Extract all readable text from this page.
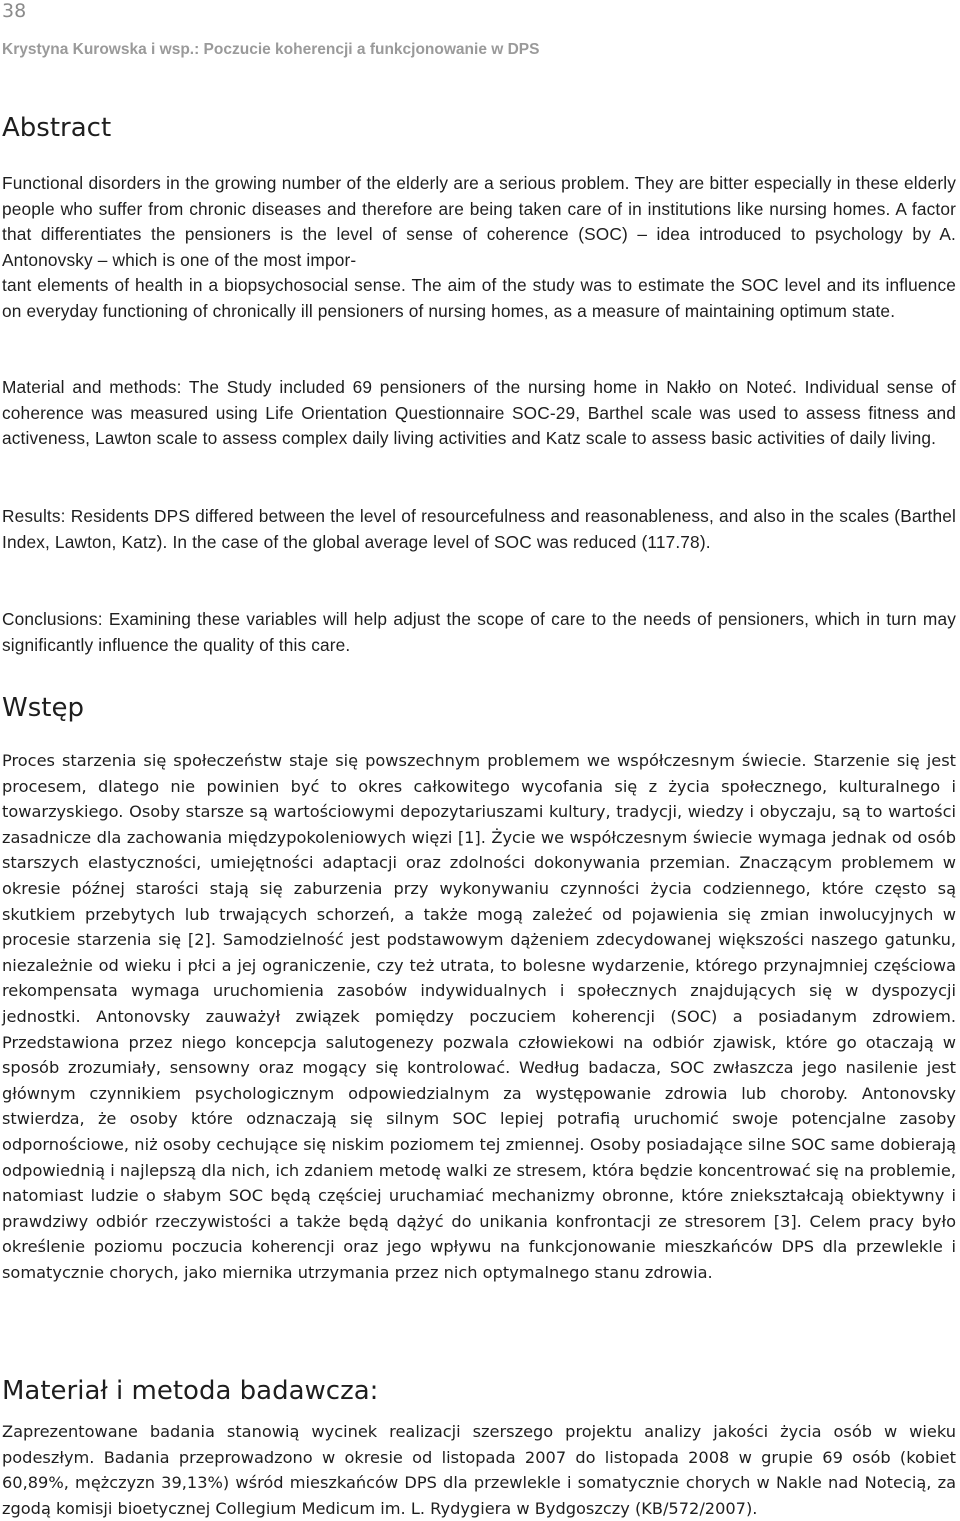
38
Krystyna Kurowska i wsp.: Poczucie koherencji a funkcjonowanie w DPS
Abstract

Functional disorders in the growing number of the elderly are a serious problem. They are bitter especially in these elderly people who suffer from chronic diseases and therefore are being taken care of in institutions like nursing homes. A factor that differentiates the pensioners is the level of sense of coherence (SOC) – idea introduced to psychology by A. Antonovsky – which is one of the most impor-

tant elements of health in a biopsychosocial sense. The aim of the study was to estimate the SOC level and its influence on everyday functioning of chronically ill pensioners of nursing homes, as a measure of maintaining optimum state.

Material and methods: The Study included 69 pensioners of the nursing home in Nakło on Noteć. Individual sense of coherence was measured using Life Orientation Questionnaire SOC-29, Barthel scale was used to assess fitness and activeness, Lawton scale to assess complex daily living activities and Katz scale to assess basic activities of daily living.

Results: Residents DPS differed between the level of resourcefulness and reasonableness, and also in the scales (Barthel Index, Lawton, Katz). In the case of the global average level of SOC was reduced (117.78).

Conclusions: Examining these variables will help adjust the scope of care to the needs of pensioners, which in turn may significantly influence the quality of this care.

Wstęp

Proces starzenia się społeczeństw staje się powszechnym problemem we współczesnym świecie. Starzenie się jest procesem, dlatego nie powinien być to okres całkowitego wycofania się z życia społecznego, kulturalnego i towarzyskiego. Osoby starsze są wartościowymi depozytariuszami kultury, tradycji, wiedzy i obyczaju, są to wartości zasadnicze dla zachowania międzypokoleniowych więzi [1]. Życie we współczesnym świecie wymaga jednak od osób starszych elastyczności, umiejętności adaptacji oraz zdolności dokonywania przemian. Znaczącym problemem w okresie późnej starości stają się zaburzenia przy wykonywaniu czynności życia codziennego, które często są skutkiem przebytych lub trwających schorzeń, a także mogą zależeć od pojawienia się zmian inwolucyjnych w procesie starzenia się [2]. Samodzielność jest podstawowym dążeniem zdecydowanej większości naszego gatunku, niezależnie od wieku i płci a jej ograniczenie, czy też utrata, to bolesne wydarzenie, którego przynajmniej częściowa rekompensata wymaga uruchomienia zasobów indywidualnych i społecznych znajdujących się w dyspozycji jednostki. Antonovsky zauważył związek pomiędzy poczuciem koherencji (SOC) a posiadanym zdrowiem. Przedstawiona przez niego koncepcja salutogenezy pozwala człowiekowi na odbiór zjawisk, które go otaczają w sposób zrozumiały, sensowny oraz mogący się kontrolować. Według badacza, SOC zwłaszcza jego nasilenie jest głównym czynnikiem psychologicznym odpowiedzialnym za występowanie zdrowia lub choroby. Antonovsky stwierdza, że osoby które odznaczają się silnym SOC lepiej potrafią uruchomić swoje potencjalne zasoby odpornościowe, niż osoby cechujące się niskim poziomem tej zmiennej. Osoby posiadające silne SOC same dobierają odpowiednią i najlepszą dla nich, ich zdaniem metodę walki ze stresem, która będzie koncentrować się na problemie, natomiast ludzie o słabym SOC będą częściej uruchamiać mechanizmy obronne, które zniekształcają obiektywny i prawdziwy odbiór rzeczywistości a także będą dążyć do unikania konfrontacji ze stresorem [3]. Celem pracy było określenie poziomu poczucia koherencji oraz jego wpływu na funkcjonowanie mieszkańców DPS dla przewlekle i somatycznie chorych, jako miernika utrzymania przez nich optymalnego stanu zdrowia.

Materiał i metoda badawcza:

Zaprezentowane badania stanowią wycinek realizacji szerszego projektu analizy jakości życia osób w wieku podeszłym. Badania przeprowadzono w okresie od listopada 2007 do listopada 2008 w grupie 69 osób (kobiet 60,89%, mężczyzn 39,13%) wśród mieszkańców DPS dla przewlekle i somatycznie chorych w Nakle nad Notecią, za zgodą komisji bioetycznej Collegium Medicum im. L. Rydygiera w Bydgoszczy (KB/572/2007).
